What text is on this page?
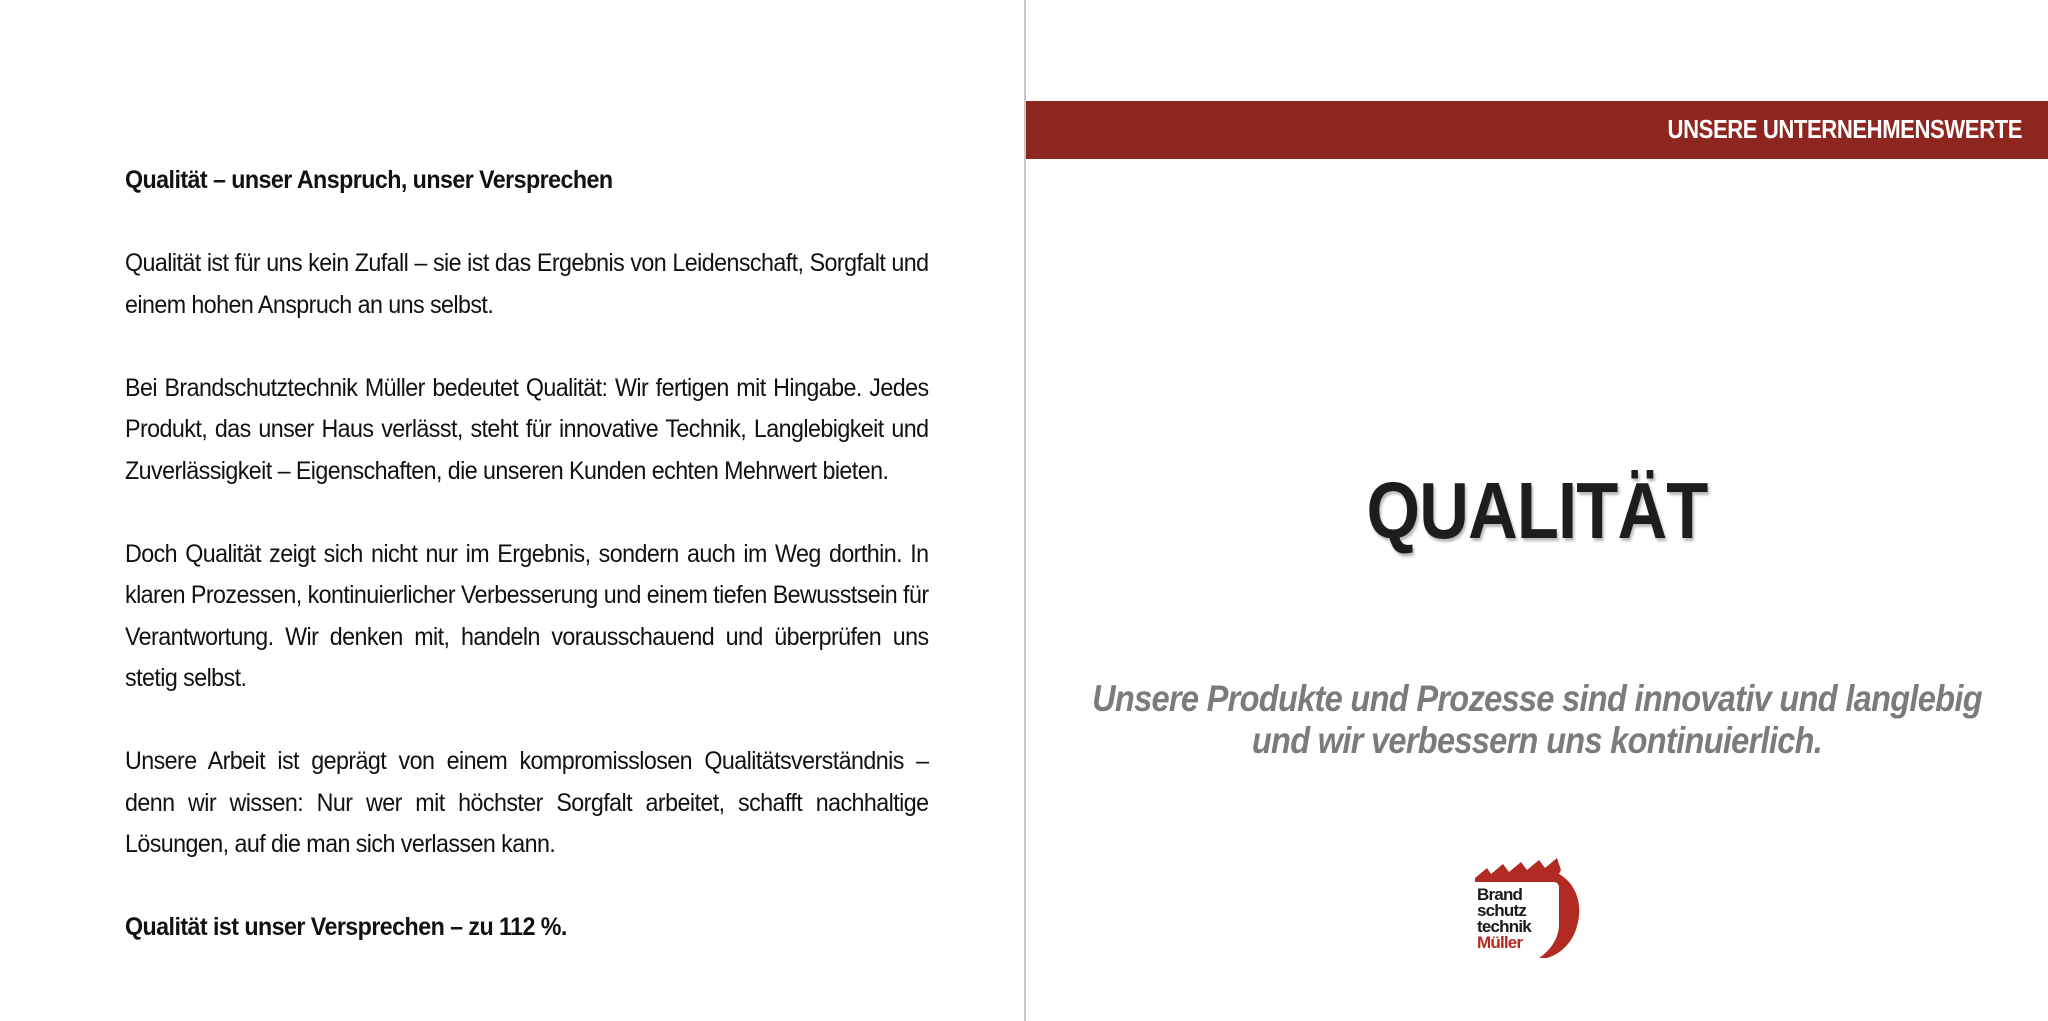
Qualität – unser Anspruch, unser Versprechen

Qualität ist für uns kein Zufall – sie ist das Ergebnis von Leidenschaft, Sorgfalt und einem hohen Anspruch an uns selbst.

Bei Brandschutztechnik Müller bedeutet Qualität: Wir fertigen mit Hingabe. Jedes Produkt, das unser Haus verlässt, steht für innovative Technik, Langlebigkeit und Zuverlässigkeit – Eigenschaften, die unseren Kunden echten Mehrwert bieten.

Doch Qualität zeigt sich nicht nur im Ergebnis, sondern auch im Weg dorthin. In klaren Prozessen, kontinuierlicher Verbesserung und einem tiefen Bewusstsein für Verantwortung. Wir denken mit, handeln vorausschauend und überprüfen uns stetig selbst.

Unsere Arbeit ist geprägt von einem kompromisslosen Qualitätsverständnis – denn wir wissen: Nur wer mit höchster Sorgfalt arbeitet, schafft nachhaltige Lösungen, auf die man sich verlassen kann.

Qualität ist unser Versprechen – zu 112 %.

UNSERE UNTERNEHMENSWERTE
QUALITÄT
Unsere Produkte und Prozesse sind innovativ und langlebig
und wir verbessern uns kontinuierlich.
Brand
schutz
technik
Müller
